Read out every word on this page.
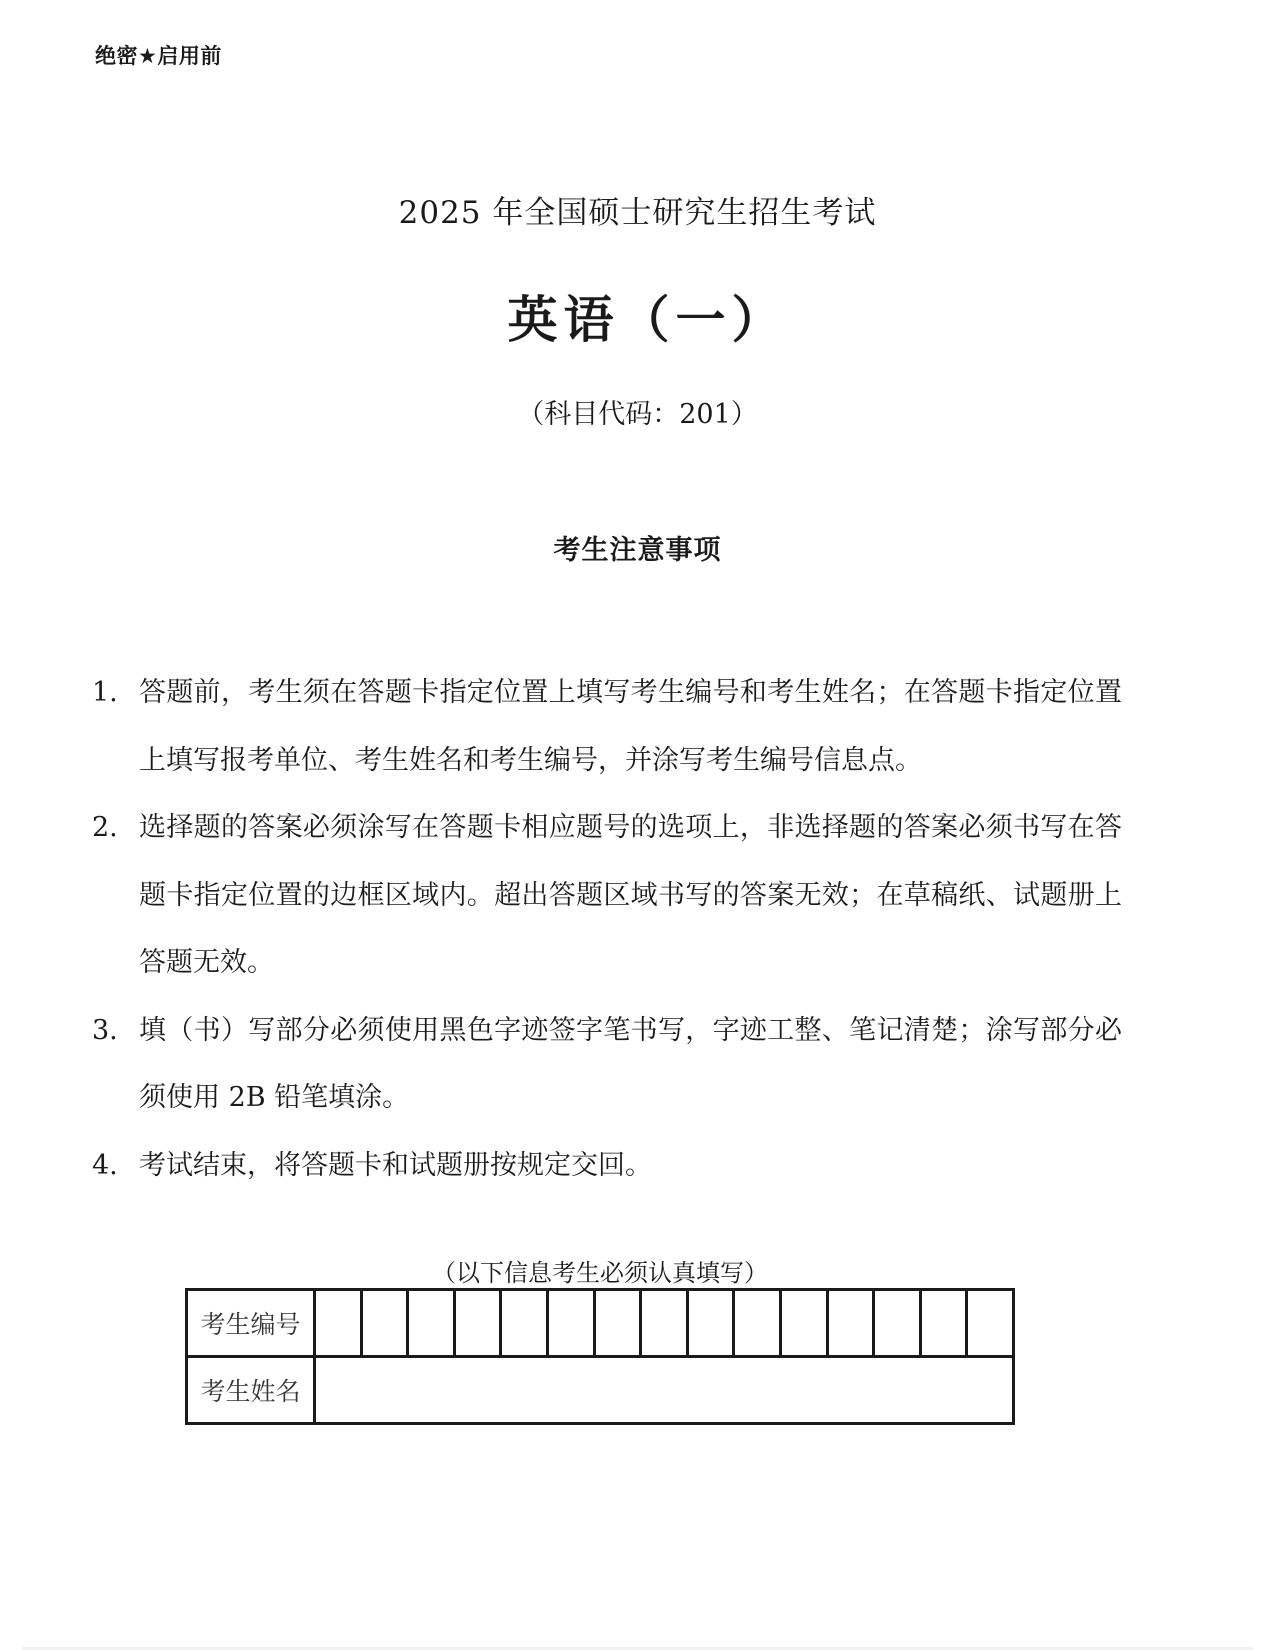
绝密★启用前
2025 年全国硕士研究生招生考试
英语（一）
（科目代码：201）
考生注意事项
1. 答题前，考生须在答题卡指定位置上填写考生编号和考生姓名；在答题卡指定位置上填写报考单位、考生姓名和考生编号，并涂写考生编号信息点。
2. 选择题的答案必须涂写在答题卡相应题号的选项上，非选择题的答案必须书写在答题卡指定位置的边框区域内。超出答题区域书写的答案无效；在草稿纸、试题册上答题无效。
3. 填（书）写部分必须使用黑色字迹签字笔书写，字迹工整、笔记清楚；涂写部分必须使用 2B 铅笔填涂。
4. 考试结束，将答题卡和试题册按规定交回。
（以下信息考生必须认真填写）
考生编号															
考生姓名															
